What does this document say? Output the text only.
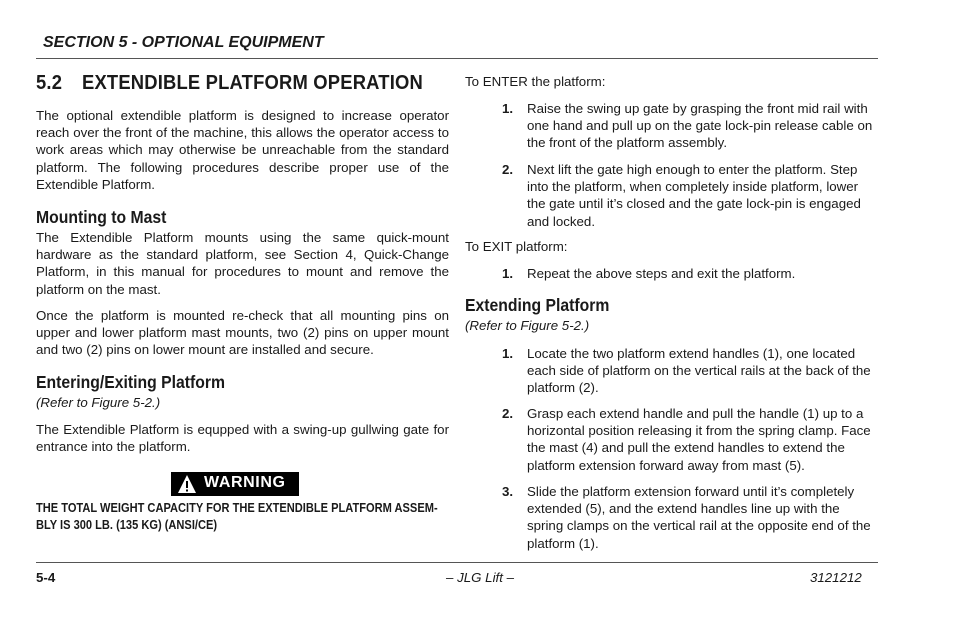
SECTION 5 - OPTIONAL EQUIPMENT
5.2 EXTENDIBLE PLATFORM OPERATION
The optional extendible platform is designed to increase operator reach over the front of the machine, this allows the operator access to work areas which may otherwise be unreachable from the standard platform. The following procedures describe proper use of the Extendible Platform.
Mounting to Mast
The Extendible Platform mounts using the same quick-mount hardware as the standard platform, see Section 4, Quick-Change Platform, in this manual for procedures to mount and remove the platform on the mast.
Once the platform is mounted re-check that all mounting pins on upper and lower platform mast mounts, two (2) pins on upper mount and two (2) pins on lower mount are installed and secure.
Entering/Exiting Platform
(Refer to Figure 5-2.)
The Extendible Platform is equpped with a swing-up gullwing gate for entrance into the platform.
WARNING
THE TOTAL WEIGHT CAPACITY FOR THE EXTENDIBLE PLATFORM ASSEM-
BLY IS 300 LB. (135 KG) (ANSI/CE)
To ENTER the platform:
1. Raise the swing up gate by grasping the front mid rail with one hand and pull up on the gate lock-pin release cable on the front of the platform assembly.
2. Next lift the gate high enough to enter the platform. Step into the platform, when completely inside platform, lower the gate until it’s closed and the gate lock-pin is engaged and locked.
To EXIT platform:
1. Repeat the above steps and exit the platform.
Extending Platform
(Refer to Figure 5-2.)
1. Locate the two platform extend handles (1), one located each side of platform on the vertical rails at the back of the platform (2).
2. Grasp each extend handle and pull the handle (1) up to a horizontal position releasing it from the spring clamp. Face the mast (4) and pull the extend handles to extend the platform extension forward away from mast (5).
3. Slide the platform extension forward until it’s completely extended (5), and the extend handles line up with the spring clamps on the vertical rail at the opposite end of the platform (1).
5-4	– JLG Lift –	3121212
